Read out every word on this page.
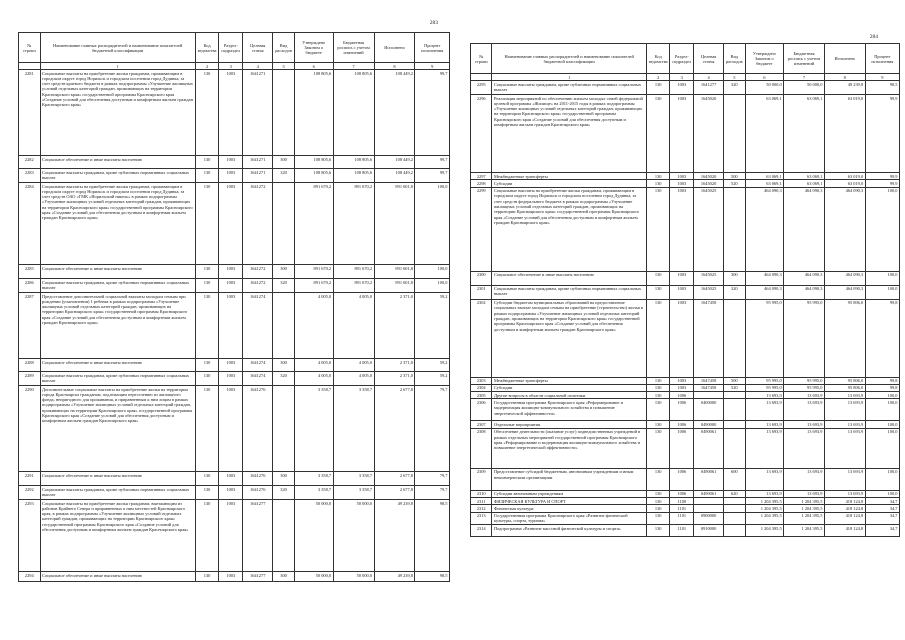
283
№ строки	Наименование главных распорядителей и наименование показателей бюджетной классификации	Код ведомства	Раздел-подраздел	Целевая статья	Вид расходов	Утверждено Законом о бюджете	Бюджетная роспись с учетом изменений	Исполнено	Процент исполнения
	1	2	3	4	5	6	7	8	9
2281	Социальные выплаты на приобретение жилья гражданам, проживающим в городском округе город Норильск и городском поселении город Дудинка, за счет средств краевого бюджета в рамках подпрограммы «Улучшение жилищных условий отдельных категорий граждан, проживающих на территории Красноярского края» государственной программы Красноярского края «Создание условий для обеспечения доступным и комфортным жильем граждан Красноярского края»	130	1003	1641271		108 805,6	108 805,6	108 449,2	99,7
2282	Социальное обеспечение и иные выплаты населению	130	1003	1641271	300	108 805,6	108 805,6	108 449,2	99,7
2283	Социальные выплаты гражданам, кроме публичных нормативных социальных выплат	130	1003	1641271	320	108 805,6	108 805,6	108 449,2	99,7
2284	Социальные выплаты на приобретение жилья гражданам, проживающим в городском округе город Норильск и городском поселении город Дудинка, за счет средств ОАО «ГМК «Норильский никель» в рамках подпрограммы «Улучшение жилищных условий отдельных категорий граждан, проживающих на территории Красноярского края» государственной программы Красноярского края «Создание условий для обеспечения доступным и комфортным жильем граждан Красноярского края»	130	1003	1641272		891 670,2	891 670,2	891 601,8	100,0
2285	Социальное обеспечение и иные выплаты населению	130	1003	1641272	300	891 670,2	891 670,2	891 601,8	100,0
2286	Социальные выплаты гражданам, кроме публичных нормативных социальных выплат	130	1003	1641272	320	891 670,2	891 670,2	891 601,8	100,0
2287	Предоставление дополнительной социальной выплаты молодым семьям при рождении (усыновлении) 1 ребенка в рамках подпрограммы «Улучшение жилищных условий отдельных категорий граждан, проживающих на территории Красноярского края» государственной программы Красноярского края «Создание условий для обеспечения доступным и комфортным жильем граждан Красноярского края»	130	1003	1641274		4 005,0	4 005,0	2 371,0	59,2
2288	Социальное обеспечение и иные выплаты населению	130	1003	1641274	300	4 005,0	4 005,0	2 371,0	59,2
2289	Социальные выплаты гражданам, кроме публичных нормативных социальных выплат	130	1003	1641274	320	4 005,0	4 005,0	2 371,0	59,2
2290	Дополнительные социальные выплаты на приобретение жилья на территории города Красноярска гражданам, подлежащим переселению из жилищного фонда, непригодного для проживания, и приравненным к ним лицам в рамках подпрограммы «Улучшение жилищных условий отдельных категорий граждан, проживающих на территории Красноярского края» государственной программы Красноярского края «Создание условий для обеспечения доступным и комфортным жильем граждан Красноярского края»	130	1003	1641276		3 358,7	3 358,7	2 677,8	79,7
2291	Социальное обеспечение и иные выплаты населению	130	1003	1641276	300	3 358,7	3 358,7	2 677,8	79,7
2292	Социальные выплаты гражданам, кроме публичных нормативных социальных выплат	130	1003	1641276	320	3 358,7	3 358,7	2 677,8	79,7
2293	Социальные выплаты на приобретение жилья гражданам, выезжающим из районов Крайнего Севера и приравненных к ним местностей Красноярского края, в рамках подпрограммы «Улучшение жилищных условий отдельных категорий граждан, проживающих на территории Красноярского края» государственной программы Красноярского края «Создание условий для обеспечения доступным и комфортным жильем граждан Красноярского края»	130	1003	1641277		50 000,0	50 000,0	49 239,8	98,5
2294	Социальное обеспечение и иные выплаты населению	130	1003	1641277	300	50 000,0	50 000,0	49 239,8	98,5
284
№ строки	Наименование главных распорядителей и наименование показателей бюджетной классификации	Код ведомства	Раздел-подраздел	Целевая статья	Вид расходов	Утверждено Законом о бюджете	Бюджетная роспись с учетом изменений	Исполнено	Процент исполнения
	1	2	3	4	5	6	7	8	9
2295	Социальные выплаты гражданам, кроме публичных нормативных социальных выплат	130	1003	1641277	320	50 000,0	50 000,0	49 239,8	98,5
2296	Реализация мероприятий по обеспечению жильем молодых семей федеральной целевой программы «Жилище» на 2011-2015 годы в рамках подпрограммы «Улучшение жилищных условий отдельных категорий граждан, проживающих на территории Красноярского края» государственной программы Красноярского края «Создание условий для обеспечения доступным и комфортным жильем граждан Красноярского края»	130	1003	1645020		63 069,1	63 069,1	63 019,0	99,9
2297	Межбюджетные трансферты	130	1003	1645020	500	63 069,1	63 069,1	63 019,0	99,9
2298	Субсидии	130	1003	1645020	520	63 069,1	63 069,1	63 019,0	99,9
2299	Социальные выплаты на приобретение жилья гражданам, проживающим в городском округе город Норильск и городском поселении город Дудинка, за счет средств федерального бюджета в рамках подпрограммы «Улучшение жилищных условий отдельных категорий граждан, проживающих на территории Красноярского края» государственной программы Красноярского края «Создание условий для обеспечения доступным и комфортным жильем граждан Красноярского края»	130	1003	1645025		464 090,3	464 090,3	464 090,3	100,0
2300	Социальное обеспечение и иные выплаты населению	130	1003	1645025	300	464 090,3	464 090,3	464 090,3	100,0
2301	Социальные выплаты гражданам, кроме публичных нормативных социальных выплат	130	1003	1645025	320	464 090,3	464 090,3	464 090,3	100,0
2302	Субсидии бюджетам муниципальных образований на предоставление социальных выплат молодым семьям на приобретение (строительство) жилья в рамках подпрограммы «Улучшение жилищных условий отдельных категорий граждан, проживающих на территории Красноярского края» государственной программы Красноярского края «Создание условий для обеспечения доступным и комфортным жильем граждан Красноярского края»	130	1003	1647458		95 995,0	95 995,0	95 806,0	99,8
2303	Межбюджетные трансферты	130	1003	1647458	500	95 995,0	95 995,0	95 806,0	99,8
2304	Субсидии	130	1003	1647458	520	95 995,0	95 995,0	95 806,0	99,8
2305	Другие вопросы в области социальной политики	130	1006			13 693,9	13 693,9	13 693,9	100,0
2306	Государственная программа Красноярского края «Реформирование и модернизация жилищно-коммунального хозяйства и повышение энергетической эффективности»	130	1006	0400000		13 693,9	13 693,9	13 693,9	100,0
2307	Отдельные мероприятия	130	1006	0490000		13 693,9	13 693,9	13 693,9	100,0
2308	Обеспечение деятельности (оказание услуг) подведомственных учреждений в рамках отдельных мероприятий государственной программы Красноярского края «Реформирование и модернизация жилищно-коммунального хозяйства и повышение энергетической эффективности»	130	1006	0490061		13 693,9	13 693,9	13 693,9	100,0
2309	Предоставление субсидий бюджетным, автономным учреждениям и иным некоммерческим организациям	130	1006	0490061	600	13 693,9	13 693,9	13 693,9	100,0
2310	Субсидии автономным учреждениям	130	1006	0490061	620	13 693,9	13 693,9	13 693,9	100,0
2311	ФИЗИЧЕСКАЯ КУЛЬТУРА И СПОРТ	130	1100			1 204 395,5	1 204 395,5	418 124,8	34,7
2312	Физическая культура	130	1101			1 204 395,5	1 204 395,5	418 124,8	34,7
2313	Государственная программа Красноярского края «Развитие физической культуры, спорта, туризма»	130	1101	0900000		1 204 395,5	1 204 395,5	418 124,8	34,7
2314	Подпрограмма «Развитие массовой физической культуры и спорта»	130	1101	0910000		1 204 395,5	1 204 395,5	418 124,8	34,7
